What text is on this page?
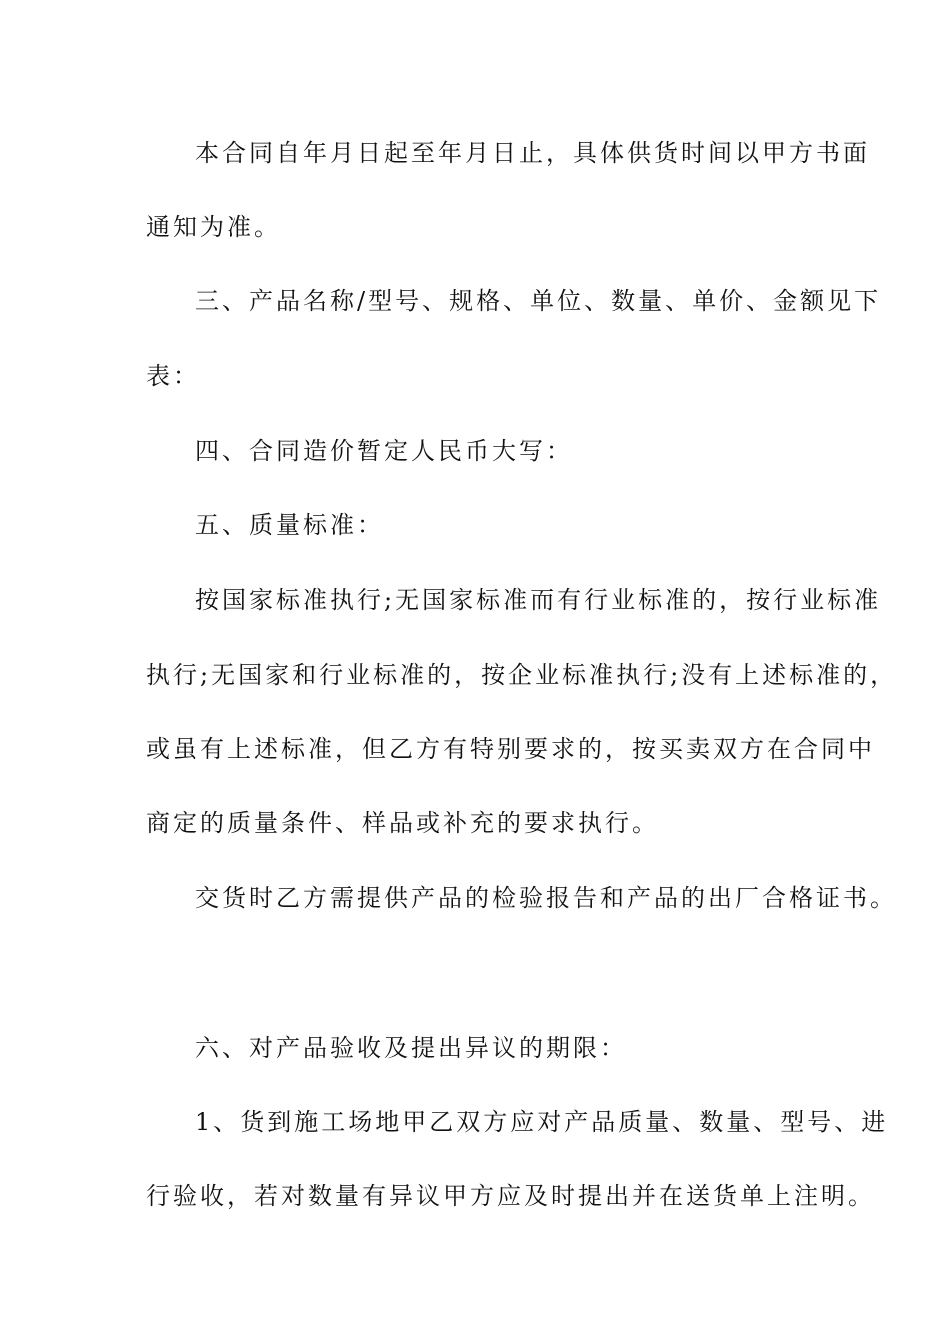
本合同自年月日起至年月日止，具体供货时间以甲方书面
通知为准。
三、产品名称/型号、规格、单位、数量、单价、金额见下
表：
四、合同造价暂定人民币大写：
五、质量标准：
按国家标准执行;无国家标准而有行业标准的，按行业标准
执行;无国家和行业标准的，按企业标准执行;没有上述标准的，
或虽有上述标准，但乙方有特别要求的，按买卖双方在合同中
商定的质量条件、样品或补充的要求执行。
交货时乙方需提供产品的检验报告和产品的出厂合格证书。
六、对产品验收及提出异议的期限：
1、货到施工场地甲乙双方应对产品质量、数量、型号、进
行验收，若对数量有异议甲方应及时提出并在送货单上注明。
